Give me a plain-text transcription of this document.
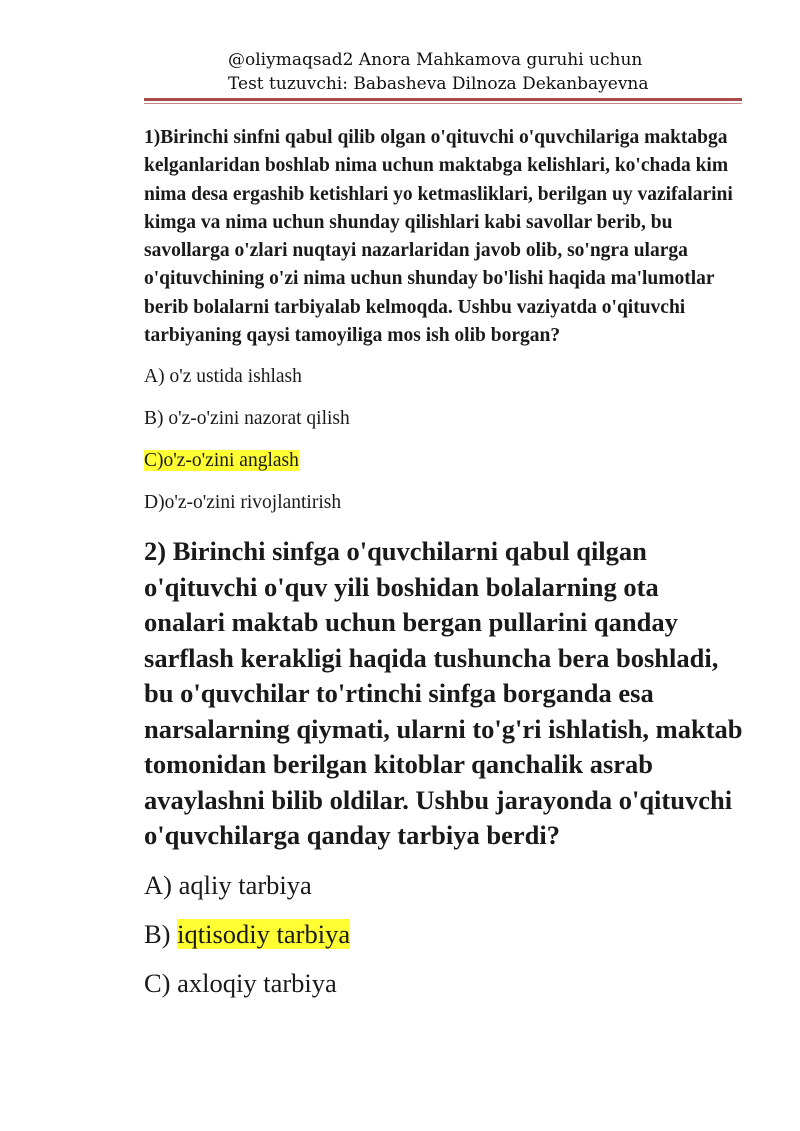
@oliymaqsad2 Anora Mahkamova guruhi uchun
Test tuzuvchi: Babasheva Dilnoza Dekanbayevna

1)Birinchi sinfni qabul qilib olgan o'qituvchi o'quvchilariga maktabga kelganlaridan boshlab nima uchun maktabga kelishlari, ko'chada kim nima desa ergashib ketishlari yo ketmasliklari, berilgan uy vazifalarini kimga va nima uchun shunday qilishlari kabi savollar berib, bu savollarga o'zlari nuqtayi nazarlaridan javob olib, so'ngra ularga o'qituvchining o'zi nima uchun shunday bo'lishi haqida ma'lumotlar berib bolalarni tarbiyalab kelmoqda. Ushbu vaziyatda o'qituvchi tarbiyaning qaysi tamoyiliga mos ish olib borgan?

A) o'z ustida ishlash

B) o'z-o'zini nazorat qilish

C)o'z-o'zini anglash

D)o'z-o'zini rivojlantirish

2) Birinchi sinfga o'quvchilarni qabul qilgan o'qituvchi o'quv yili boshidan bolalarning ota onalari maktab uchun bergan pullarini qanday sarflash kerakligi haqida tushuncha bera boshladi, bu o'quvchilar to'rtinchi sinfga borganda esa narsalarning qiymati, ularni to'g'ri ishlatish, maktab tomonidan berilgan kitoblar qanchalik asrab avaylashni bilib oldilar. Ushbu jarayonda o'qituvchi o'quvchilarga qanday tarbiya berdi?

A) aqliy tarbiya

B) iqtisodiy tarbiya

C) axloqiy tarbiya
